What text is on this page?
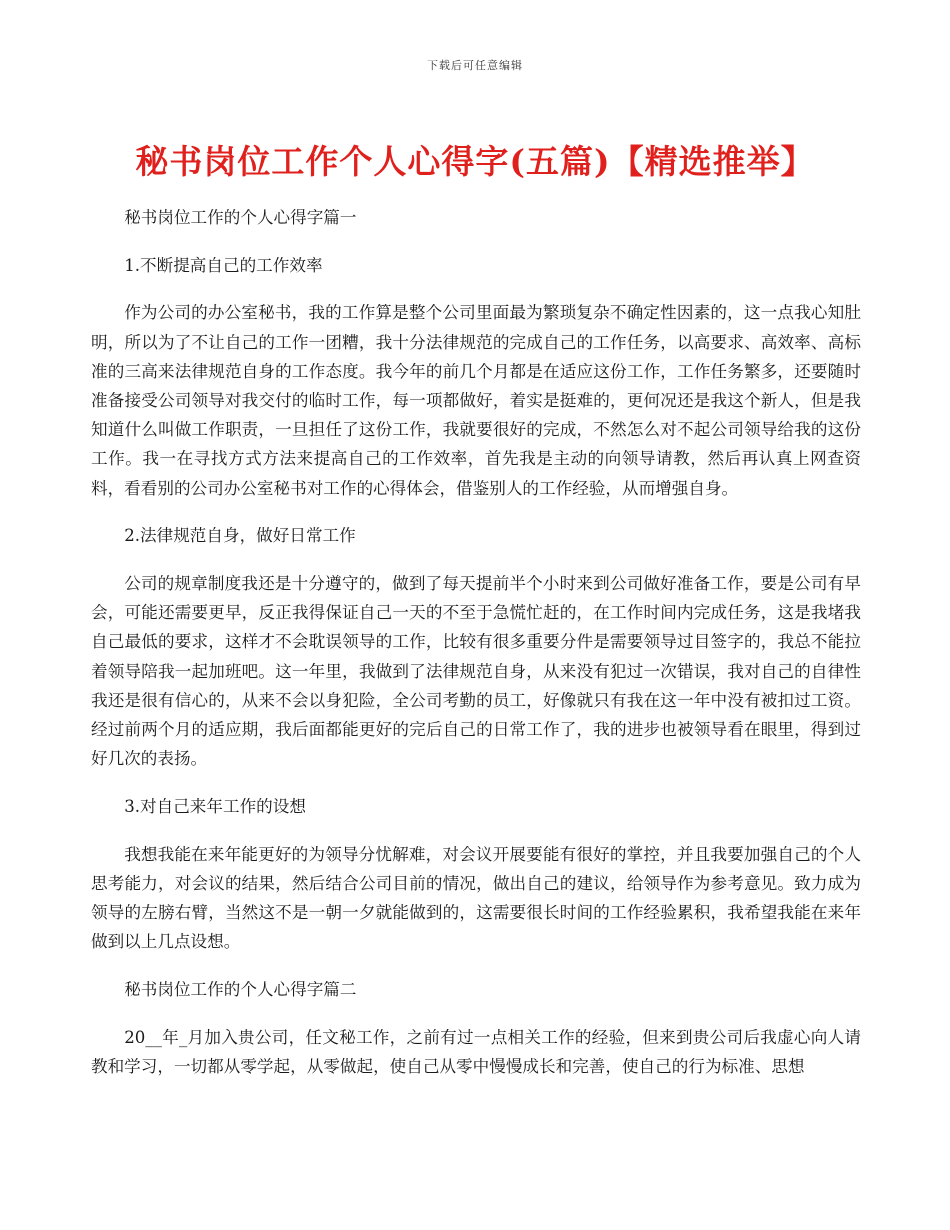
下载后可任意编辑
秘书岗位工作个人心得字(五篇)【精选推举】

秘书岗位工作的个人心得字篇一

1.不断提高自己的工作效率

作为公司的办公室秘书，我的工作算是整个公司里面最为繁琐复杂不确定性因素的，这一点我心知肚明，所以为了不让自己的工作一团糟，我十分法律规范的完成自己的工作任务，以高要求、高效率、高标准的三高来法律规范自身的工作态度。我今年的前几个月都是在适应这份工作，工作任务繁多，还要随时准备接受公司领导对我交付的临时工作，每一项都做好，着实是挺难的，更何况还是我这个新人，但是我知道什么叫做工作职责，一旦担任了这份工作，我就要很好的完成，不然怎么对不起公司领导给我的这份工作。我一在寻找方式方法来提高自己的工作效率，首先我是主动的向领导请教，然后再认真上网查资料，看看别的公司办公室秘书对工作的心得体会，借鉴别人的工作经验，从而增强自身。

2.法律规范自身，做好日常工作

公司的规章制度我还是十分遵守的，做到了每天提前半个小时来到公司做好准备工作，要是公司有早会，可能还需要更早，反正我得保证自己一天的不至于急慌忙赶的，在工作时间内完成任务，这是我堵我自己最低的要求，这样才不会耽误领导的工作，比较有很多重要分件是需要领导过目签字的，我总不能拉着领导陪我一起加班吧。这一年里，我做到了法律规范自身，从来没有犯过一次错误，我对自己的自律性我还是很有信心的，从来不会以身犯险，全公司考勤的员工，好像就只有我在这一年中没有被扣过工资。经过前两个月的适应期，我后面都能更好的完后自己的日常工作了，我的进步也被领导看在眼里，得到过好几次的表扬。

3.对自己来年工作的设想

我想我能在来年能更好的为领导分忧解难，对会议开展要能有很好的掌控，并且我要加强自己的个人思考能力，对会议的结果，然后结合公司目前的情况，做出自己的建议，给领导作为参考意见。致力成为领导的左膀右臂，当然这不是一朝一夕就能做到的，这需要很长时间的工作经验累积，我希望我能在来年做到以上几点设想。

秘书岗位工作的个人心得字篇二

20__年_月加入贵公司，任文秘工作，之前有过一点相关工作的经验，但来到贵公司后我虚心向人请教和学习，一切都从零学起，从零做起，使自己从零中慢慢成长和完善，使自己的行为标准、思想
